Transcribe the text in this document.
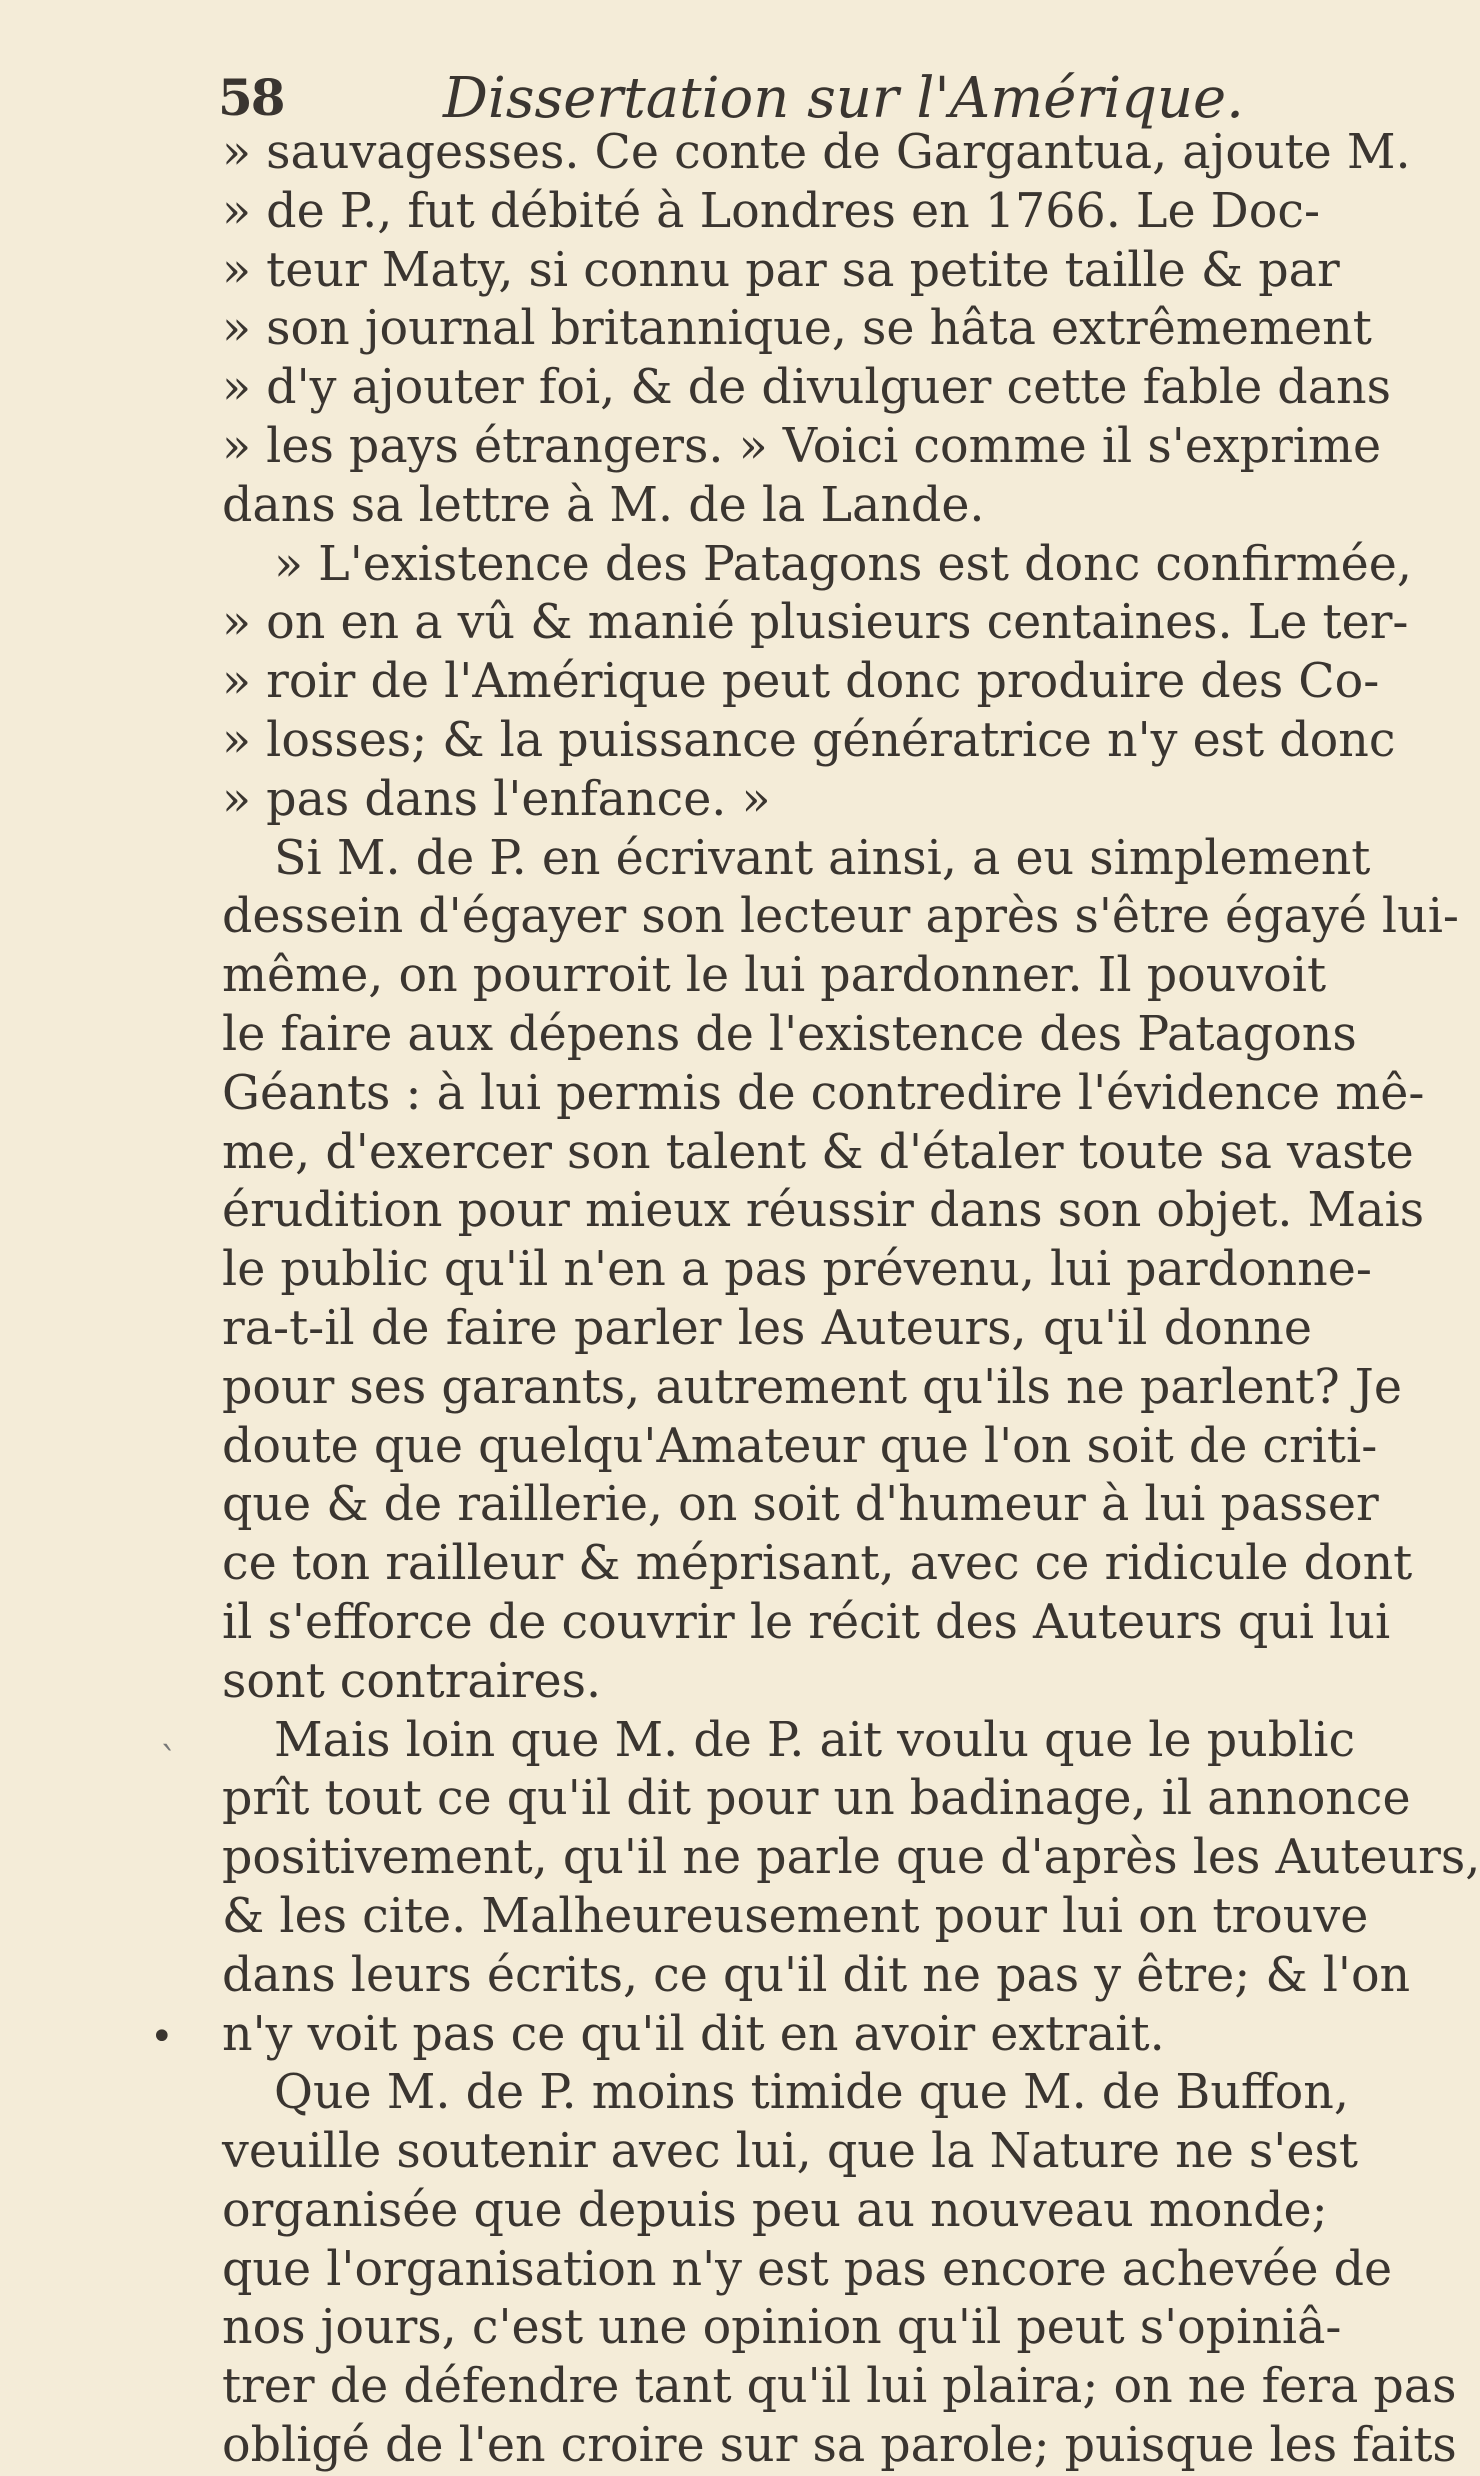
58	Dissertation sur l'Amérique.
`
•
» sauvagesses. Ce conte de Gargantua, ajoute M.
» de P., fut débité à Londres en 1766. Le Doc-
» teur Maty, si connu par sa petite taille & par
» son journal britannique, se hâta extrêmement
» d'y ajouter foi, & de divulguer cette fable dans
» les pays étrangers. » Voici comme il s'exprime
dans sa lettre à M. de la Lande.
» L'existence des Patagons est donc confirmée,
» on en a vû & manié plusieurs centaines. Le ter-
» roir de l'Amérique peut donc produire des Co-
» losses; & la puissance génératrice n'y est donc
» pas dans l'enfance. »
Si M. de P. en écrivant ainsi, a eu simplement
dessein d'égayer son lecteur après s'être égayé lui-
même, on pourroit le lui pardonner. Il pouvoit
le faire aux dépens de l'existence des Patagons
Géants : à lui permis de contredire l'évidence mê-
me, d'exercer son talent & d'étaler toute sa vaste
érudition pour mieux réussir dans son objet. Mais
le public qu'il n'en a pas prévenu, lui pardonne-
ra-t-il de faire parler les Auteurs, qu'il donne
pour ses garants, autrement qu'ils ne parlent? Je
doute que quelqu'Amateur que l'on soit de criti-
que & de raillerie, on soit d'humeur à lui passer
ce ton railleur & méprisant, avec ce ridicule dont
il s'efforce de couvrir le récit des Auteurs qui lui
sont contraires.
Mais loin que M. de P. ait voulu que le public
prît tout ce qu'il dit pour un badinage, il annonce
positivement, qu'il ne parle que d'après les Auteurs,
& les cite. Malheureusement pour lui on trouve
dans leurs écrits, ce qu'il dit ne pas y être; & l'on
n'y voit pas ce qu'il dit en avoir extrait.
Que M. de P. moins timide que M. de Buffon,
veuille soutenir avec lui, que la Nature ne s'est
organisée que depuis peu au nouveau monde;
que l'organisation n'y est pas encore achevée de
nos jours, c'est une opinion qu'il peut s'opiniâ-
trer de défendre tant qu'il lui plaira; on ne fera pas
obligé de l'en croire sur sa parole; puisque les faits
